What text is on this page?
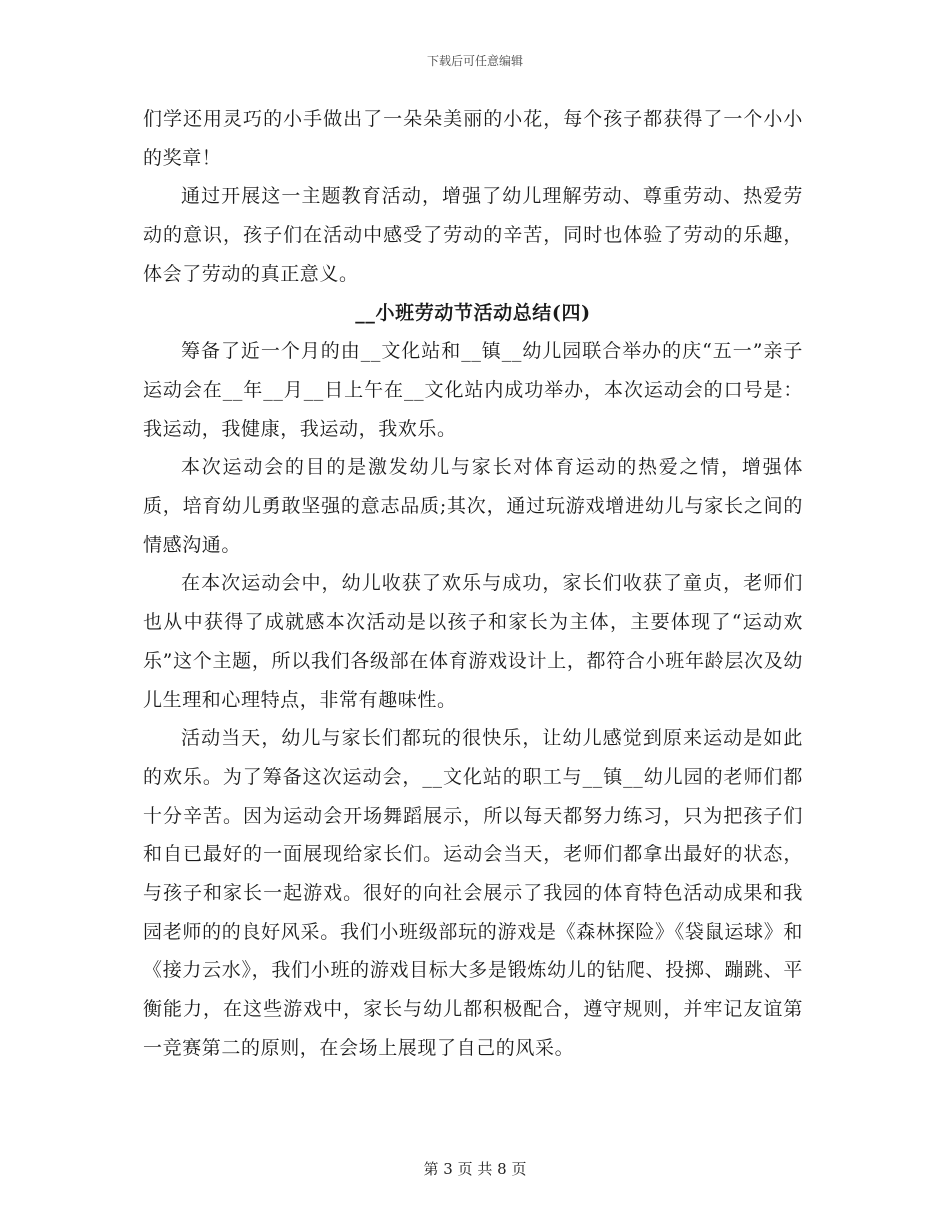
下载后可任意编辑

们学还用灵巧的小手做出了一朵朵美丽的小花，每个孩子都获得了一个小小的奖章！

通过开展这一主题教育活动，增强了幼儿理解劳动、尊重劳动、热爱劳动的意识，孩子们在活动中感受了劳动的辛苦，同时也体验了劳动的乐趣，体会了劳动的真正意义。

__小班劳动节活动总结(四)

筹备了近一个月的由__文化站和__镇__幼儿园联合举办的庆“五一”亲子运动会在__年__月__日上午在__文化站内成功举办，本次运动会的口号是：我运动，我健康，我运动，我欢乐。

本次运动会的目的是激发幼儿与家长对体育运动的热爱之情，增强体质，培育幼儿勇敢坚强的意志品质;其次，通过玩游戏增进幼儿与家长之间的情感沟通。

在本次运动会中，幼儿收获了欢乐与成功，家长们收获了童贞，老师们也从中获得了成就感本次活动是以孩子和家长为主体，主要体现了“运动欢乐”这个主题，所以我们各级部在体育游戏设计上，都符合小班年龄层次及幼儿生理和心理特点，非常有趣味性。

活动当天，幼儿与家长们都玩的很快乐，让幼儿感觉到原来运动是如此的欢乐。为了筹备这次运动会，__文化站的职工与__镇__幼儿园的老师们都十分辛苦。因为运动会开场舞蹈展示，所以每天都努力练习，只为把孩子们和自已最好的一面展现给家长们。运动会当天，老师们都拿出最好的状态，与孩子和家长一起游戏。很好的向社会展示了我园的体育特色活动成果和我园老师的的良好风采。我们小班级部玩的游戏是《森林探险》《袋鼠运球》和《接力云水》，我们小班的游戏目标大多是锻炼幼儿的钻爬、投掷、蹦跳、平衡能力，在这些游戏中，家长与幼儿都积极配合，遵守规则，并牢记友谊第一竞赛第二的原则，在会场上展现了自己的风采。

第 3 页 共 8 页
